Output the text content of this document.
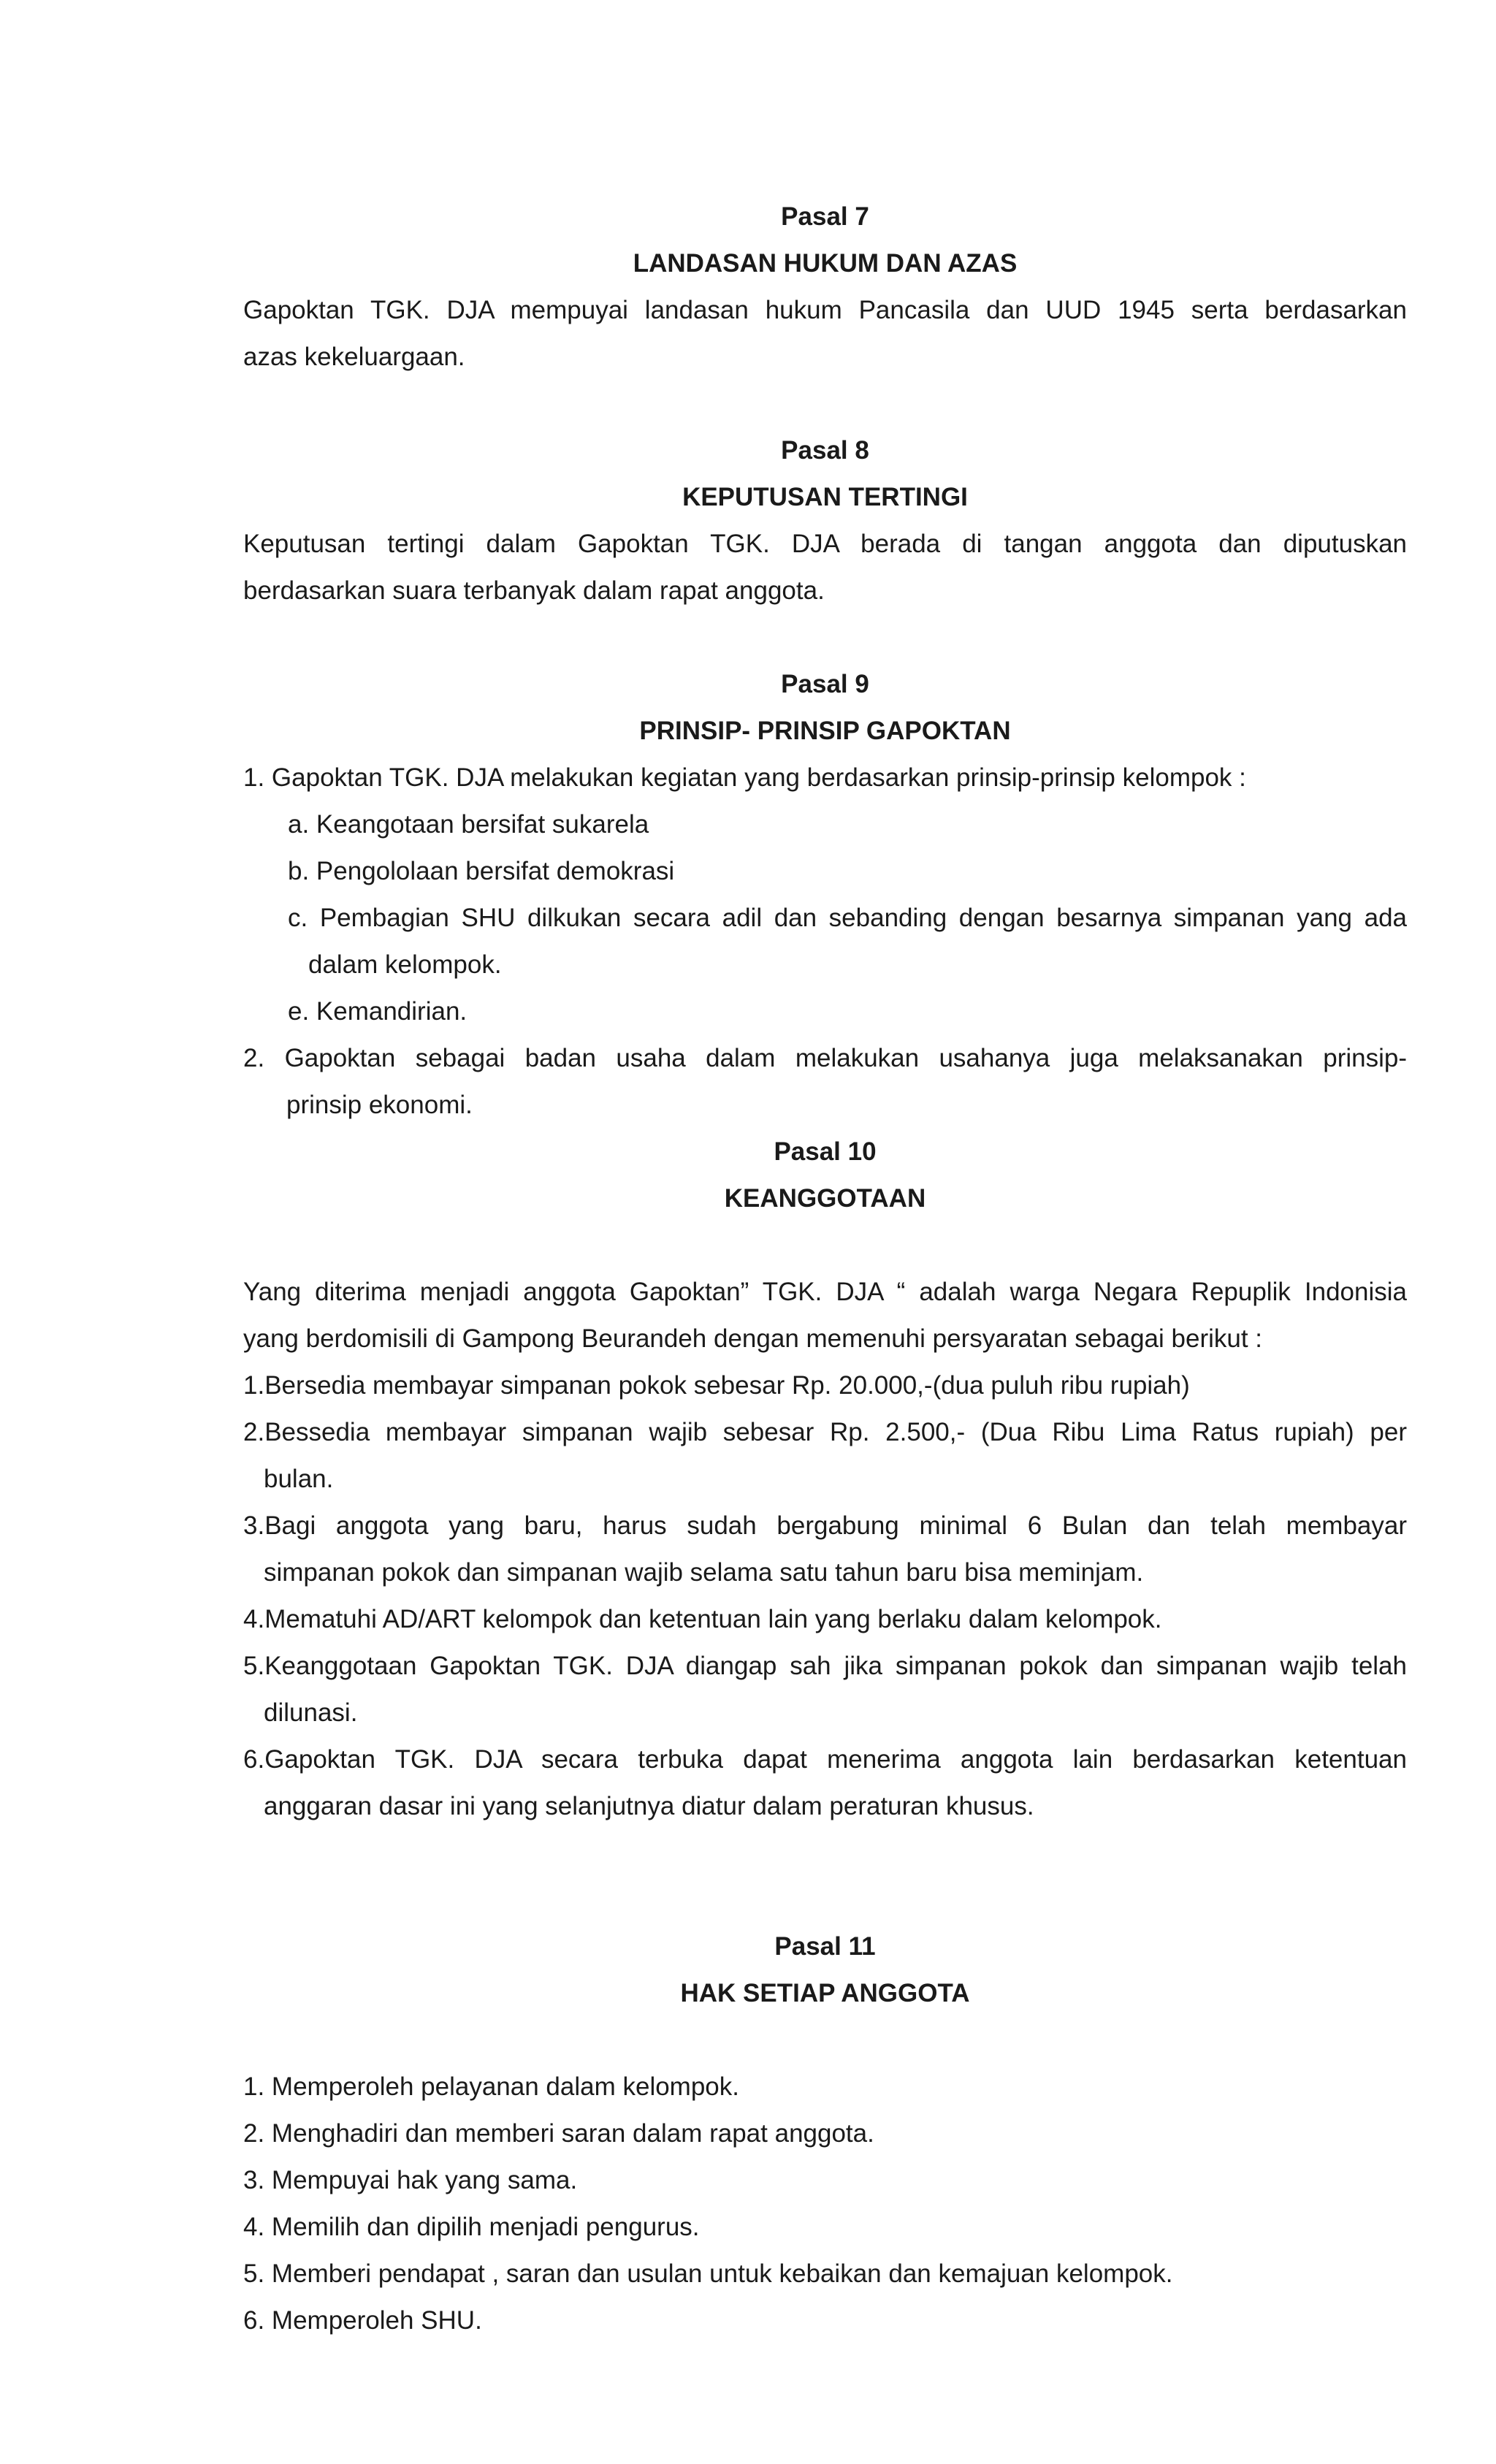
Pasal 7
LANDASAN HUKUM DAN AZAS
Gapoktan TGK. DJA mempuyai landasan hukum Pancasila dan UUD 1945 serta berdasarkan
azas kekeluargaan.
Pasal 8
KEPUTUSAN TERTINGI
Keputusan tertingi dalam Gapoktan TGK. DJA berada di tangan anggota dan diputuskan
berdasarkan suara terbanyak dalam rapat anggota.
Pasal 9
PRINSIP- PRINSIP GAPOKTAN
1. Gapoktan TGK. DJA melakukan kegiatan yang berdasarkan prinsip-prinsip kelompok :
a. Keangotaan bersifat sukarela
b. Pengololaan bersifat demokrasi
c. Pembagian SHU dilkukan secara adil dan sebanding dengan besarnya simpanan yang ada
dalam kelompok.
e. Kemandirian.
2. Gapoktan sebagai badan usaha dalam melakukan usahanya juga melaksanakan prinsip-
prinsip ekonomi.
Pasal 10
KEANGGOTAAN
Yang diterima menjadi anggota Gapoktan” TGK. DJA “ adalah warga Negara Repuplik Indonisia
yang berdomisili di Gampong Beurandeh dengan memenuhi persyaratan sebagai berikut :
1.Bersedia membayar simpanan pokok sebesar Rp. 20.000,-(dua puluh ribu rupiah)
2.Bessedia membayar simpanan wajib sebesar Rp. 2.500,- (Dua Ribu Lima Ratus rupiah) per
bulan.
3.Bagi anggota yang baru, harus sudah bergabung minimal 6 Bulan dan telah membayar
simpanan pokok dan simpanan wajib selama satu tahun baru bisa meminjam.
4.Mematuhi AD/ART kelompok dan ketentuan lain yang berlaku dalam kelompok.
5.Keanggotaan Gapoktan TGK. DJA diangap sah jika simpanan pokok dan simpanan wajib telah
dilunasi.
6.Gapoktan TGK. DJA secara terbuka dapat menerima anggota lain berdasarkan ketentuan
anggaran dasar ini yang selanjutnya diatur dalam peraturan khusus.
Pasal 11
HAK SETIAP ANGGOTA
1. Memperoleh pelayanan dalam kelompok.
2. Menghadiri dan memberi saran dalam rapat anggota.
3. Mempuyai hak yang sama.
4. Memilih dan dipilih menjadi pengurus.
5. Memberi pendapat , saran dan usulan untuk kebaikan dan kemajuan kelompok.
6. Memperoleh SHU.
